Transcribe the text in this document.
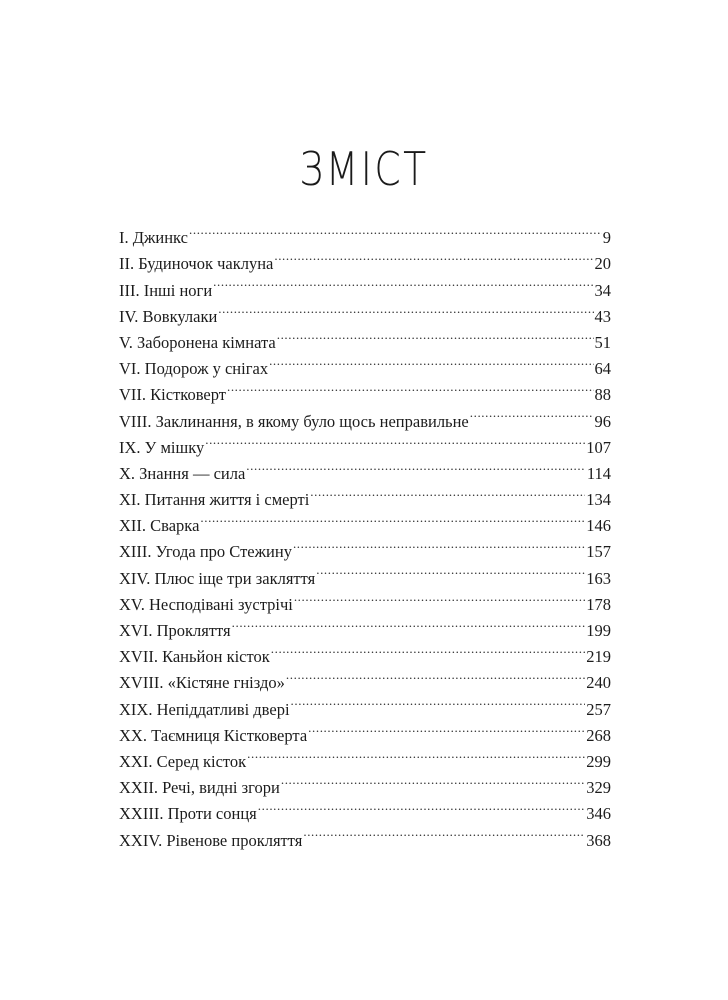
ЗМІСТ
I. Джинкс .....	9
II. Будиночок чаклуна .....	20
III. Інші ноги .....	34
IV. Вовкулаки .....	43
V. Заборонена кімната .....	51
VI. Подорож у снігах .....	64
VII. Кістковерт .....	88
VIII. Заклинання, в якому було щось неправильне .....	96
IX. У мішку .....	107
X. Знання — сила .....	114
XI. Питання життя і смерті .....	134
XII. Сварка .....	146
XIII. Угода про Стежину .....	157
XIV. Плюс іще три закляття .....	163
XV. Несподівані зустрічі .....	178
XVI. Прокляття .....	199
XVII. Каньйон кісток .....	219
XVIII. «Кістяне гніздо» .....	240
XIX. Непіддатливі двері .....	257
XX. Таємниця Кістковерта .....	268
XXI. Серед кісток .....	299
XXII. Речі, видні згори .....	329
XXIII. Проти сонця .....	346
XXIV. Рівенове прокляття .....	368
